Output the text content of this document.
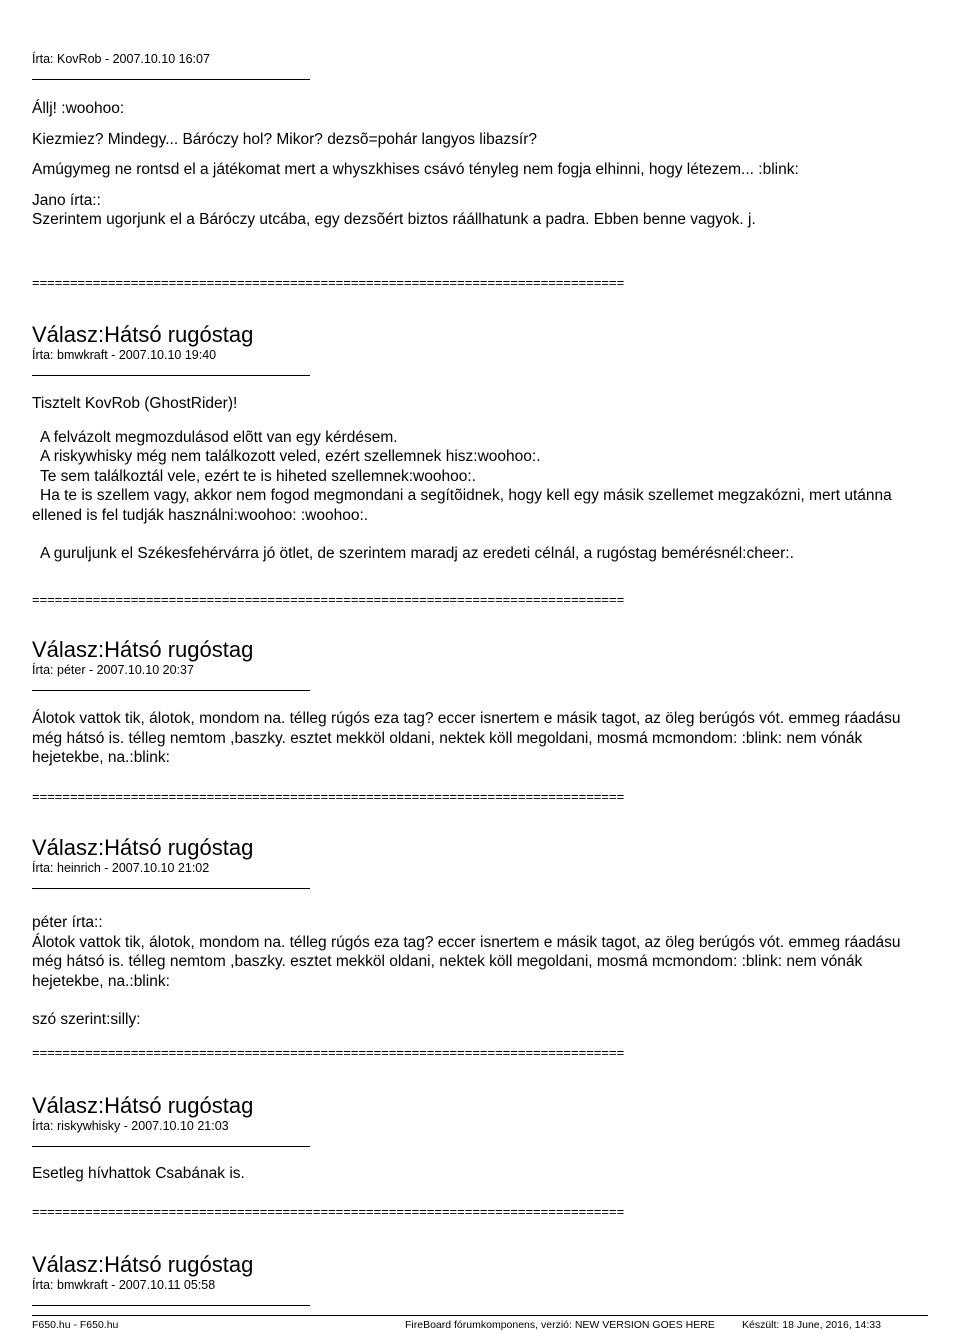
Írta: KovRob - 2007.10.10 16:07

Állj! :woohoo:

Kiezmiez? Mindegy... Báróczy hol? Mikor? dezsõ=pohár langyos libazsír?

Amúgymeg ne rontsd el a játékomat mert a whyszkhises csávó tényleg nem fogja elhinni, hogy létezem... :blink:

Jano írta::

Szerintem ugorjunk el a Báróczy utcába, egy dezsõért biztos ráállhatunk a padra. Ebben benne vagyok. j.

==============================================================================
Válasz:Hátsó rugóstag
Írta: bmwkraft - 2007.10.10 19:40

Tisztelt KovRob (GhostRider)!

A felvázolt megmozdulásod elõtt van egy kérdésem.

A riskywhisky még nem találkozott veled, ezért szellemnek hisz:woohoo:.

Te sem találkoztál vele, ezért te is hiheted szellemnek:woohoo:.

Ha te is szellem vagy, akkor nem fogod megmondani a segítõidnek, hogy kell egy másik szellemet megzakózni, mert utánna ellened is fel tudják használni:woohoo: :woohoo:.

A guruljunk el Székesfehérvárra jó ötlet, de szerintem maradj az eredeti célnál, a rugóstag bemérésnél:cheer:.

==============================================================================
Válasz:Hátsó rugóstag
Írta: péter - 2007.10.10 20:37

Álotok vattok tik, álotok, mondom na. télleg rúgós eza tag? eccer isnertem e másik tagot, az öleg berúgós vót. emmeg ráadásu még hátsó is. télleg nemtom ,baszky. esztet mekköl oldani, nektek köll megoldani, mosmá mcmondom: :blink: nem vónák hejetekbe, na.:blink:

==============================================================================
Válasz:Hátsó rugóstag
Írta: heinrich - 2007.10.10 21:02

péter írta::

Álotok vattok tik, álotok, mondom na. télleg rúgós eza tag? eccer isnertem e másik tagot, az öleg berúgós vót. emmeg ráadásu még hátsó is. télleg nemtom ,baszky. esztet mekköl oldani, nektek köll megoldani, mosmá mcmondom: :blink: nem vónák hejetekbe, na.:blink:

szó szerint:silly:

==============================================================================
Válasz:Hátsó rugóstag
Írta: riskywhisky - 2007.10.10 21:03

Esetleg hívhattok Csabának is.

==============================================================================
Válasz:Hátsó rugóstag
Írta: bmwkraft - 2007.10.11 05:58
F650.hu - F650.hu	FireBoard fórumkomponens, verzió: NEW VERSION GOES HERE	Készült: 18 June, 2016, 14:33
